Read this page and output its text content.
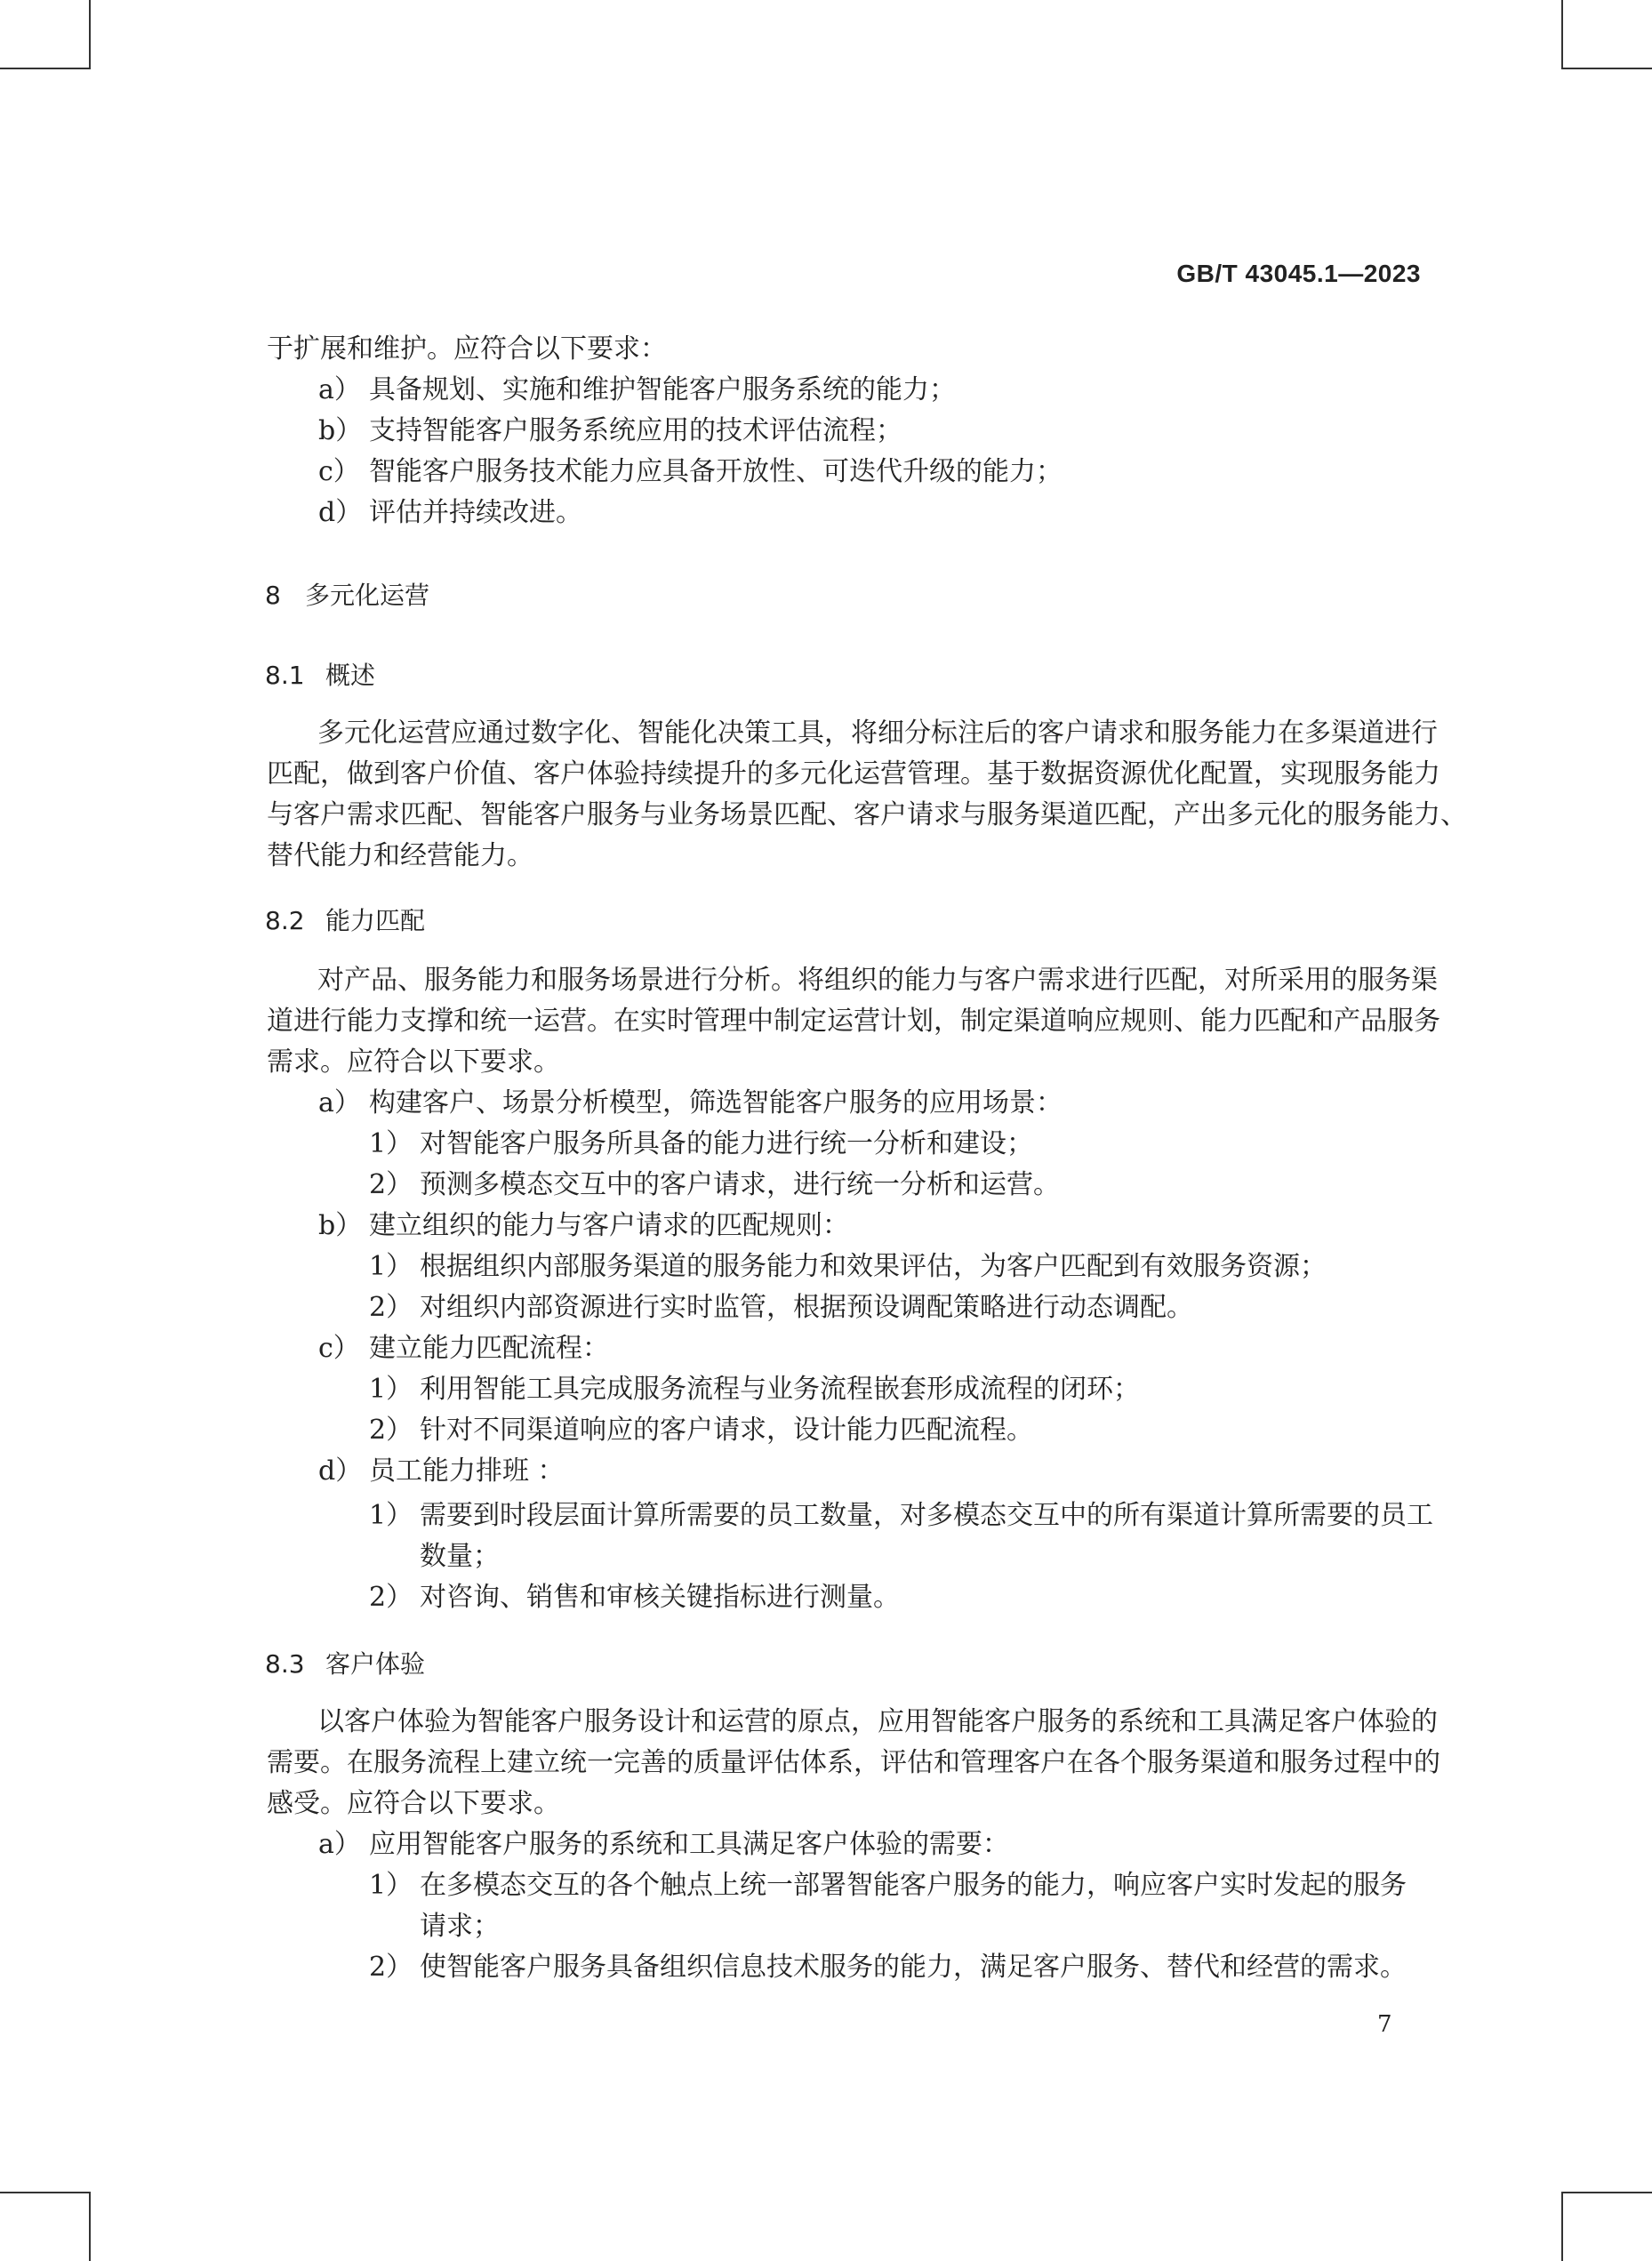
GB/T 43045.1—2023
于扩展和维护。应符合以下要求：
a） 具备规划、实施和维护智能客户服务系统的能力；
b） 支持智能客户服务系统应用的技术评估流程；
c） 智能客户服务技术能力应具备开放性、可迭代升级的能力；
d） 评估并持续改进。
8 多元化运营
8.1 概述
多元化运营应通过数字化、智能化决策工具，将细分标注后的客户请求和服务能力在多渠道进行
匹配，做到客户价值、客户体验持续提升的多元化运营管理。基于数据资源优化配置，实现服务能力
与客户需求匹配、智能客户服务与业务场景匹配、客户请求与服务渠道匹配，产出多元化的服务能力、
替代能力和经营能力。
8.2 能力匹配
对产品、服务能力和服务场景进行分析。将组织的能力与客户需求进行匹配，对所采用的服务渠
道进行能力支撑和统一运营。在实时管理中制定运营计划，制定渠道响应规则、能力匹配和产品服务
需求。应符合以下要求。
a） 构建客户、场景分析模型，筛选智能客户服务的应用场景：
1） 对智能客户服务所具备的能力进行统一分析和建设；
2） 预测多模态交互中的客户请求，进行统一分析和运营。
b） 建立组织的能力与客户请求的匹配规则：
1） 根据组织内部服务渠道的服务能力和效果评估，为客户匹配到有效服务资源；
2） 对组织内部资源进行实时监管，根据预设调配策略进行动态调配。
c） 建立能力匹配流程：
1） 利用智能工具完成服务流程与业务流程嵌套形成流程的闭环；
2） 针对不同渠道响应的客户请求，设计能力匹配流程。
d） 员工能力排班 ：
1） 需要到时段层面计算所需要的员工数量，对多模态交互中的所有渠道计算所需要的员工
数量；
2） 对咨询、销售和审核关键指标进行测量。
8.3 客户体验
以客户体验为智能客户服务设计和运营的原点，应用智能客户服务的系统和工具满足客户体验的
需要。在服务流程上建立统一完善的质量评估体系，评估和管理客户在各个服务渠道和服务过程中的
感受。应符合以下要求。
a） 应用智能客户服务的系统和工具满足客户体验的需要：
1） 在多模态交互的各个触点上统一部署智能客户服务的能力，响应客户实时发起的服务
请求；
2） 使智能客户服务具备组织信息技术服务的能力，满足客户服务、替代和经营的需求。
7
